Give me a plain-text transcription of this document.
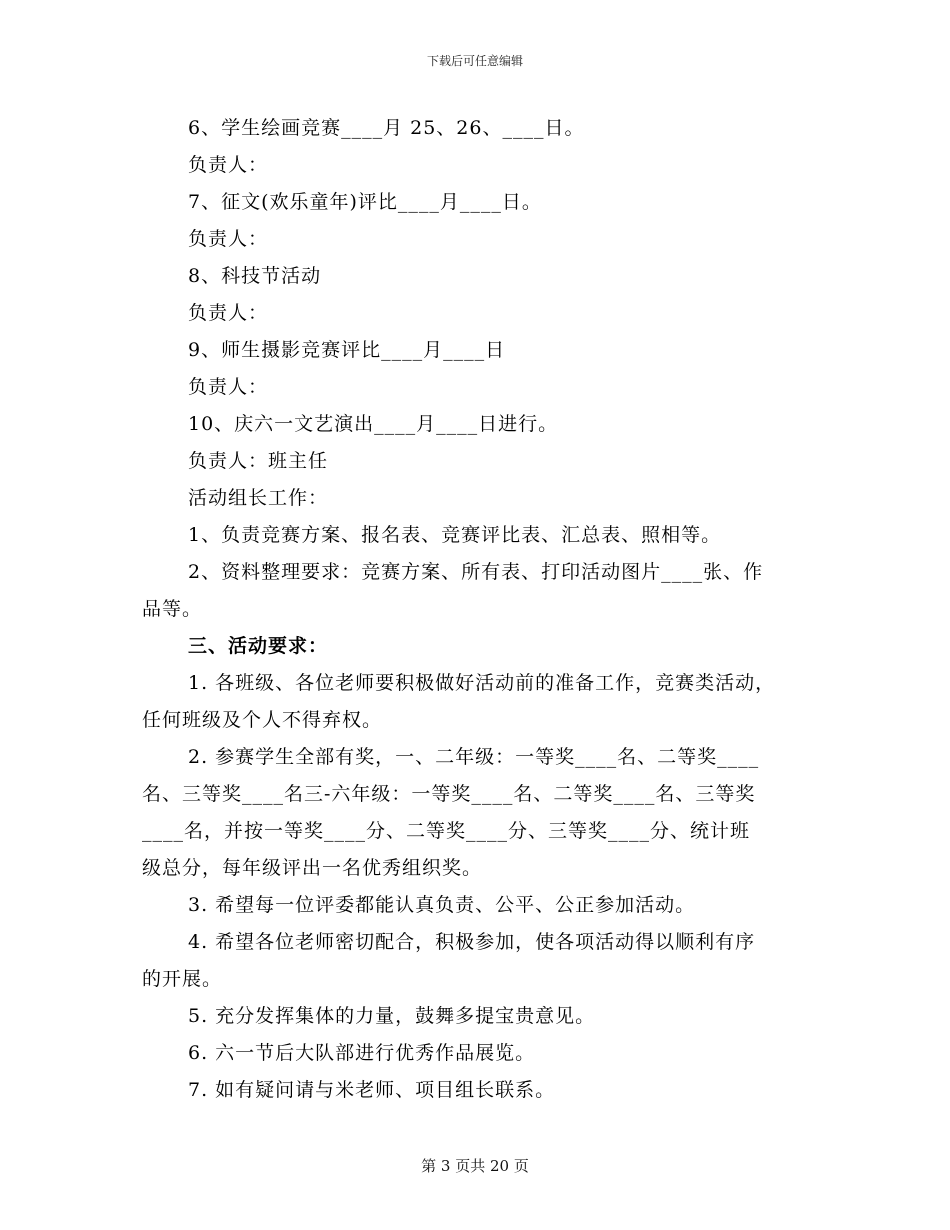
下载后可任意编辑
6、学生绘画竞赛____月 25、26、____日。
负责人：
7、征文(欢乐童年)评比____月____日。
负责人：
8、科技节活动
负责人：
9、师生摄影竞赛评比____月____日
负责人：
10、庆六一文艺演出____月____日进行。
负责人：班主任
活动组长工作：
1、负责竞赛方案、报名表、竞赛评比表、汇总表、照相等。
2、资料整理要求：竞赛方案、所有表、打印活动图片____张、作
品等。
三、活动要求：
1. 各班级、各位老师要积极做好活动前的准备工作，竞赛类活动，
任何班级及个人不得弃权。
2. 参赛学生全部有奖，一、二年级：一等奖____名、二等奖____
名、三等奖____名三-六年级：一等奖____名、二等奖____名、三等奖
____名，并按一等奖____分、二等奖____分、三等奖____分、统计班
级总分，每年级评出一名优秀组织奖。
3. 希望每一位评委都能认真负责、公平、公正参加活动。
4. 希望各位老师密切配合，积极参加，使各项活动得以顺利有序
的开展。
5. 充分发挥集体的力量，鼓舞多提宝贵意见。
6. 六一节后大队部进行优秀作品展览。
7. 如有疑问请与米老师、项目组长联系。
第 3 页共 20 页
